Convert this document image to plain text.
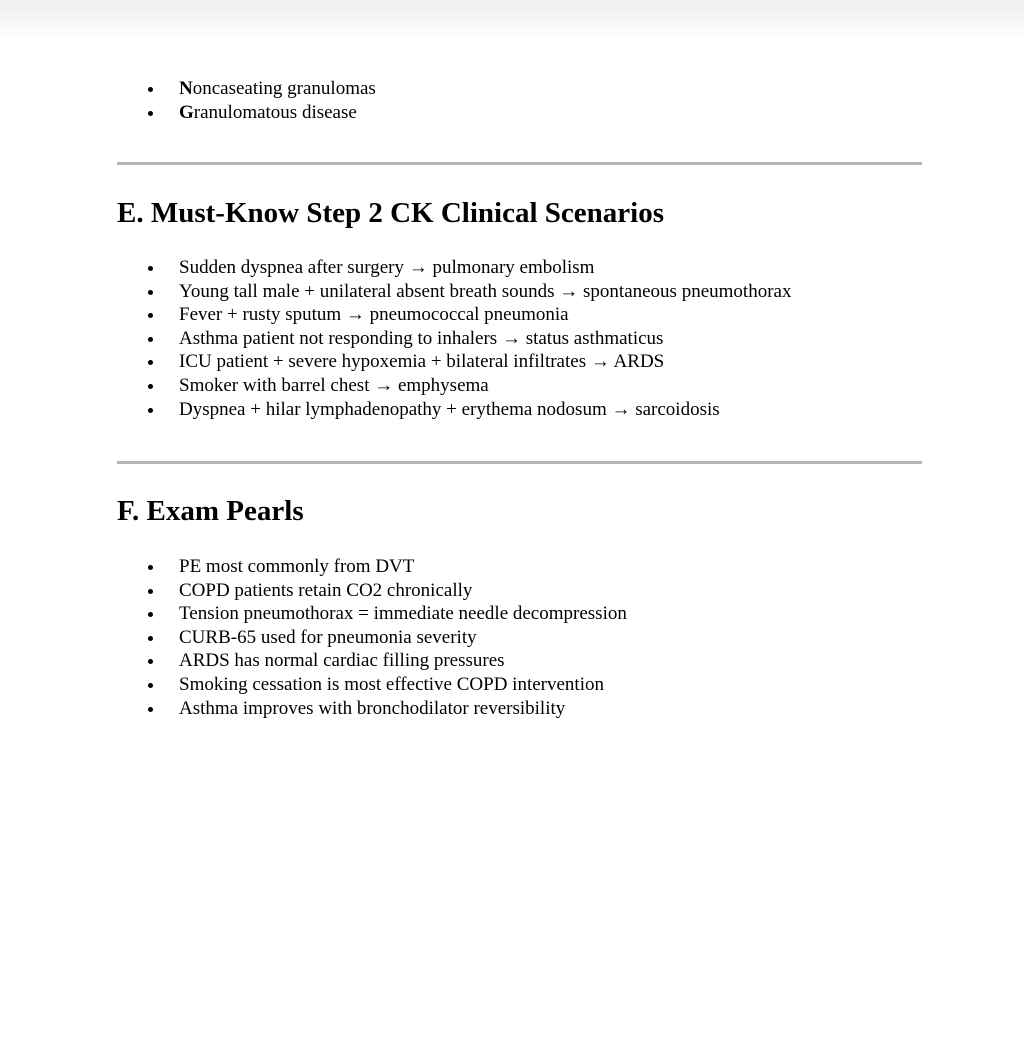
Noncaseating granulomas
Granulomatous disease
E. Must-Know Step 2 CK Clinical Scenarios
Sudden dyspnea after surgery → pulmonary embolism
Young tall male + unilateral absent breath sounds → spontaneous pneumothorax
Fever + rusty sputum → pneumococcal pneumonia
Asthma patient not responding to inhalers → status asthmaticus
ICU patient + severe hypoxemia + bilateral infiltrates → ARDS
Smoker with barrel chest → emphysema
Dyspnea + hilar lymphadenopathy + erythema nodosum → sarcoidosis
F. Exam Pearls
PE most commonly from DVT
COPD patients retain CO2 chronically
Tension pneumothorax = immediate needle decompression
CURB-65 used for pneumonia severity
ARDS has normal cardiac filling pressures
Smoking cessation is most effective COPD intervention
Asthma improves with bronchodilator reversibility
